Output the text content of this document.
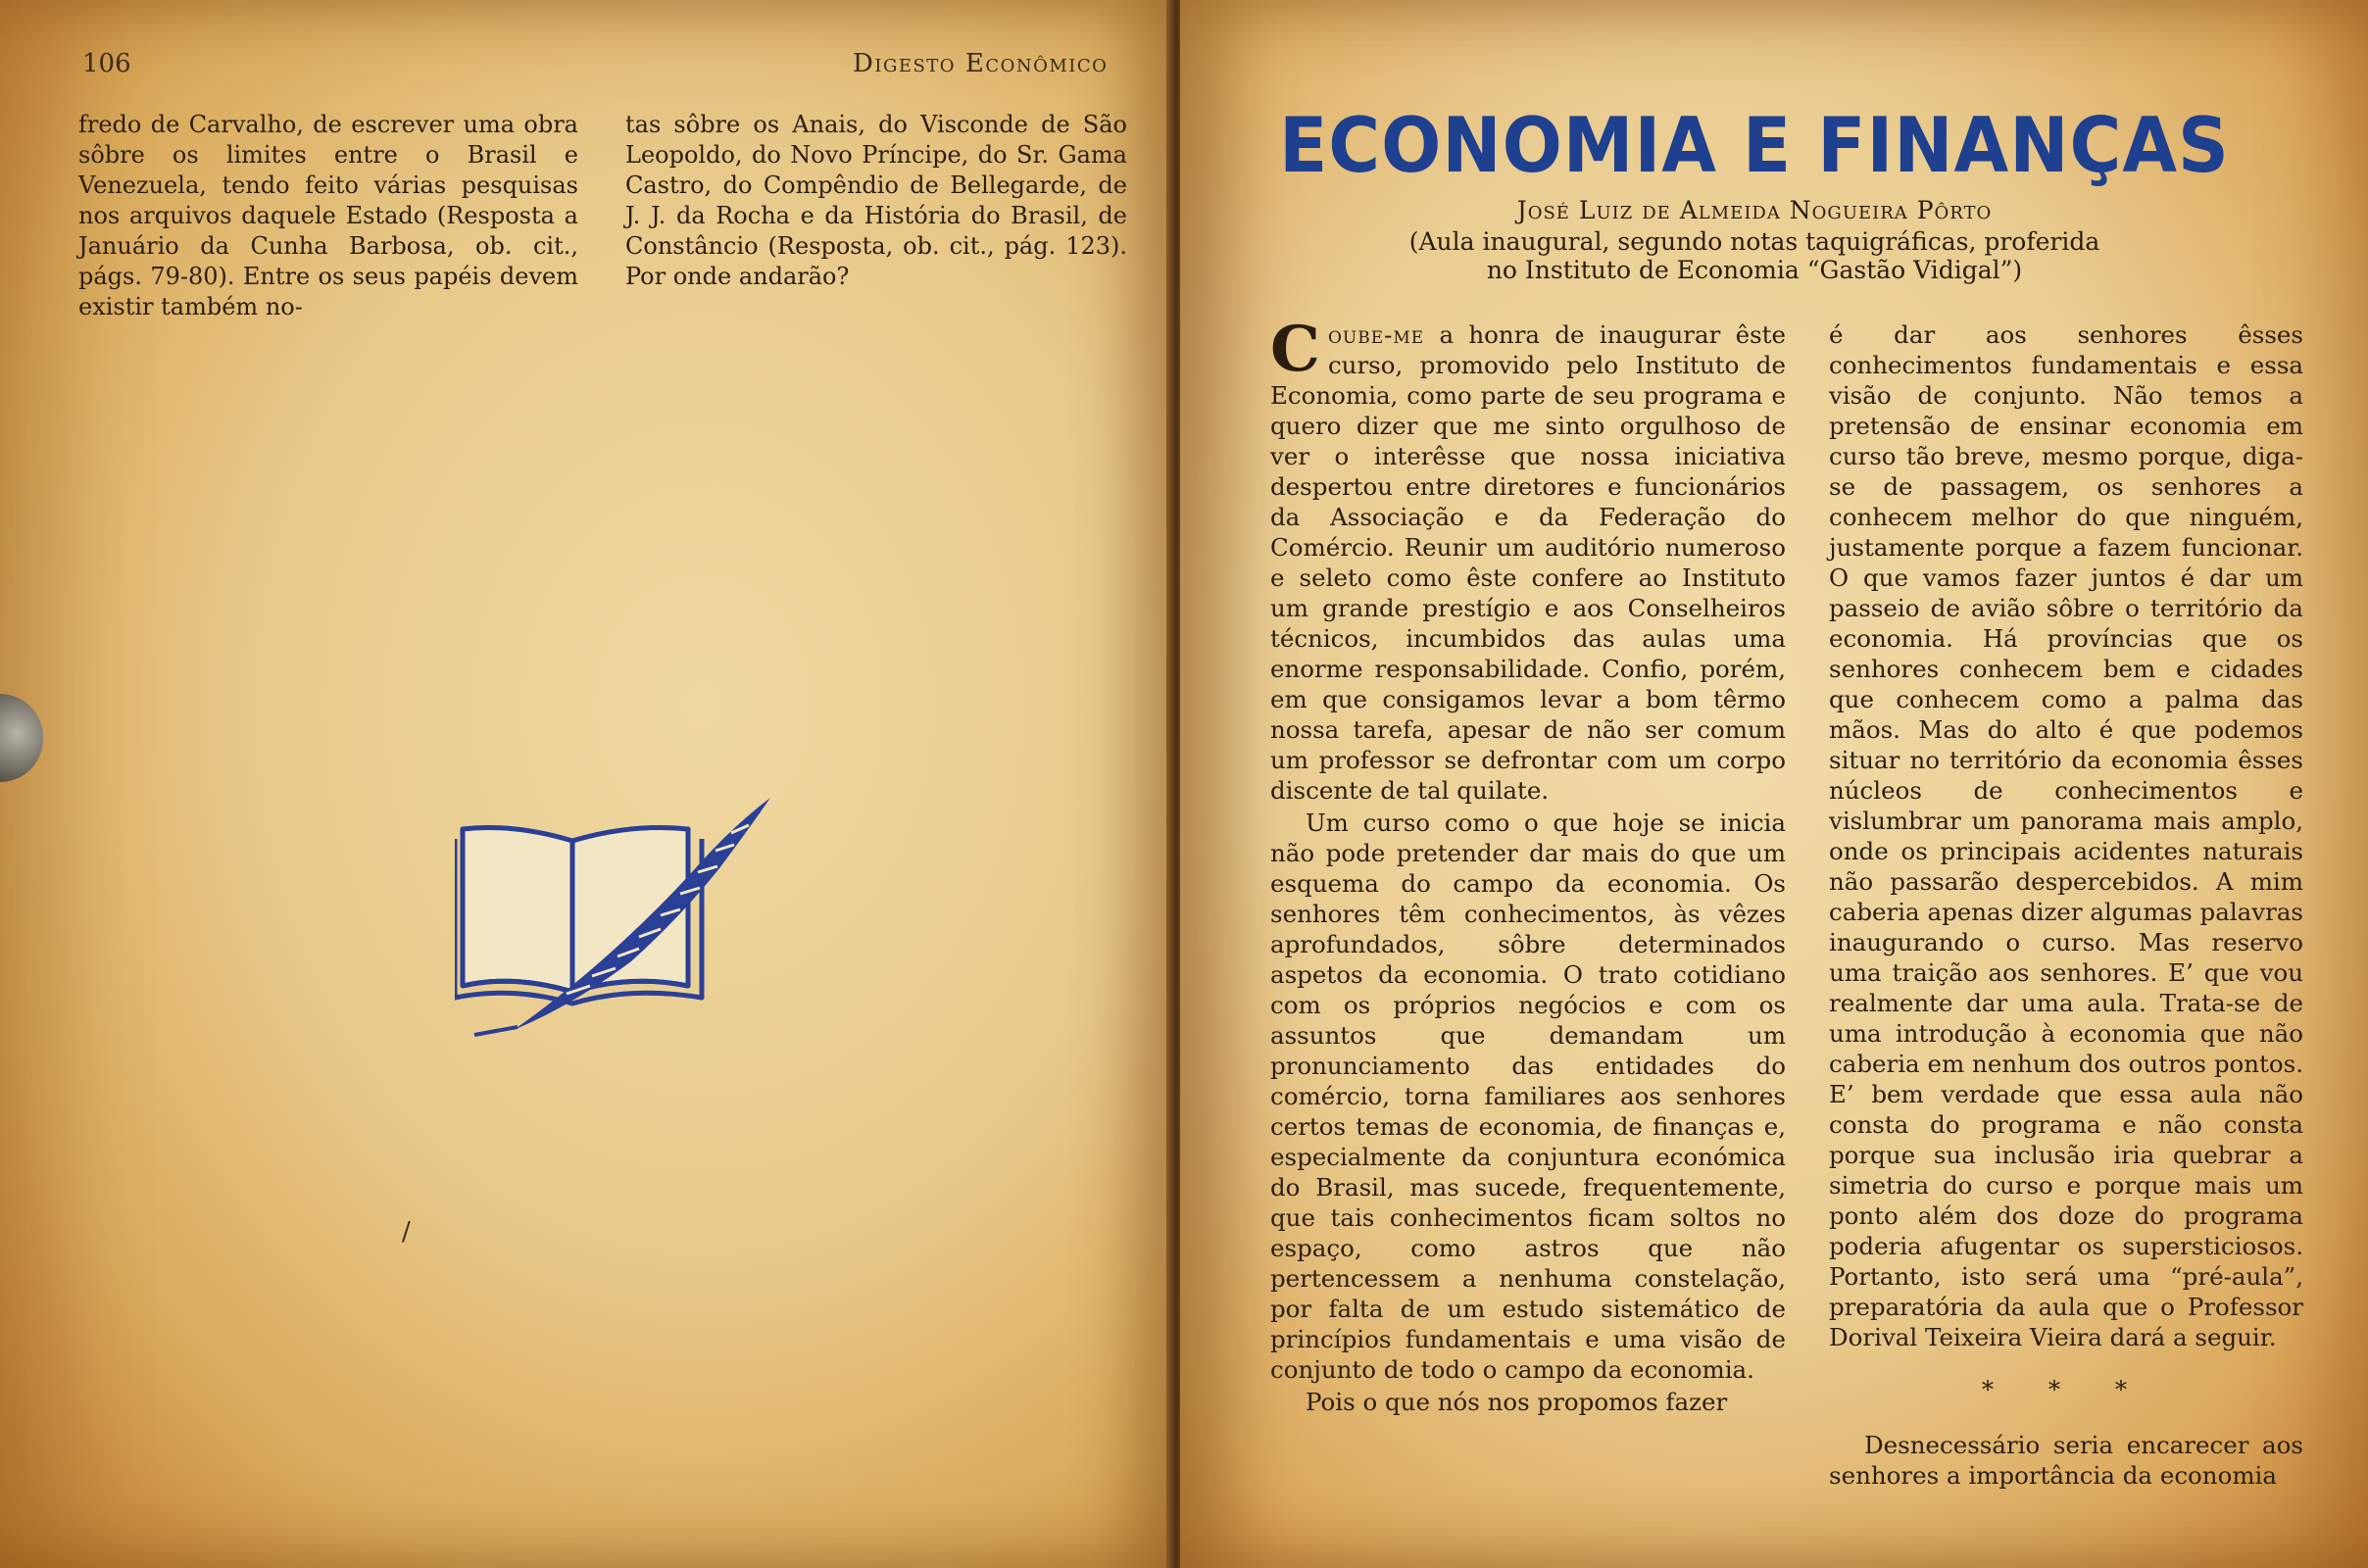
106	Digesto Econômico

fredo de Carvalho, de escrever uma obra sôbre os limites entre o Brasil e Venezuela, tendo feito várias pesquisas nos arquivos daquele Estado (Resposta a Januário da Cunha Barbosa, ob. cit., págs. 79-80). Entre os seus papéis devem existir também no-

tas sôbre os Anais, do Visconde de São Leopoldo, do Novo Príncipe, do Sr. Gama Castro, do Compêndio de Bellegarde, de J. J. da Rocha e da História do Brasil, de Constâncio (Resposta, ob. cit., pág. 123). Por onde andarão?

/
ECONOMIA E FINANÇAS
José Luiz de Almeida Nogueira Pôrto
(Aula inaugural, segundo notas taquigráficas, proferida
no Instituto de Economia “Gastão Vidigal”)

Coube-me a honra de inaugurar êste curso, promovido pelo Instituto de Economia, como parte de seu programa e quero dizer que me sinto orgulhoso de ver o interêsse que nossa iniciativa despertou entre diretores e funcionários da Associação e da Federação do Comércio. Reunir um auditório numeroso e seleto como êste confere ao Instituto um grande prestígio e aos Conselheiros técnicos, incumbidos das aulas uma enorme responsabilidade. Confio, porém, em que consigamos levar a bom têrmo nossa tarefa, apesar de não ser comum um professor se defrontar com um corpo discente de tal quilate.

Um curso como o que hoje se inicia não pode pretender dar mais do que um esquema do campo da economia. Os senhores têm conhecimentos, às vêzes aprofundados, sôbre determinados aspetos da economia. O trato cotidiano com os próprios negócios e com os assuntos que demandam um pronunciamento das entidades do comércio, torna familiares aos senhores certos temas de economia, de finanças e, especialmente da conjuntura económica do Brasil, mas sucede, frequentemente, que tais conhecimentos ficam soltos no espaço, como astros que não pertencessem a nenhuma constelação, por falta de um estudo sistemático de princípios fundamentais e uma visão de conjunto de todo o campo da economia.

Pois o que nós nos propomos fazer

é dar aos senhores êsses conhecimentos fundamentais e essa visão de conjunto. Não temos a pretensão de ensinar economia em curso tão breve, mesmo porque, diga-se de passagem, os senhores a conhecem melhor do que ninguém, justamente porque a fazem funcionar. O que vamos fazer juntos é dar um passeio de avião sôbre o território da economia. Há províncias que os senhores conhecem bem e cidades que conhecem como a palma das mãos. Mas do alto é que podemos situar no território da economia êsses núcleos de conhecimentos e vislumbrar um panorama mais amplo, onde os principais acidentes naturais não passarão despercebidos. A mim caberia apenas dizer algumas palavras inaugurando o curso. Mas reservo uma traição aos senhores. E’ que vou realmente dar uma aula. Trata-se de uma introdução à economia que não caberia em nenhum dos outros pontos. E’ bem verdade que essa aula não consta do programa e não consta porque sua inclusão iria quebrar a simetria do curso e porque mais um ponto além dos doze do programa poderia afugentar os supersticiosos. Portanto, isto será uma “pré-aula”, preparatória da aula que o Professor Dorival Teixeira Vieira dará a seguir.

* * *

Desnecessário seria encarecer aos senhores a importância da economia
